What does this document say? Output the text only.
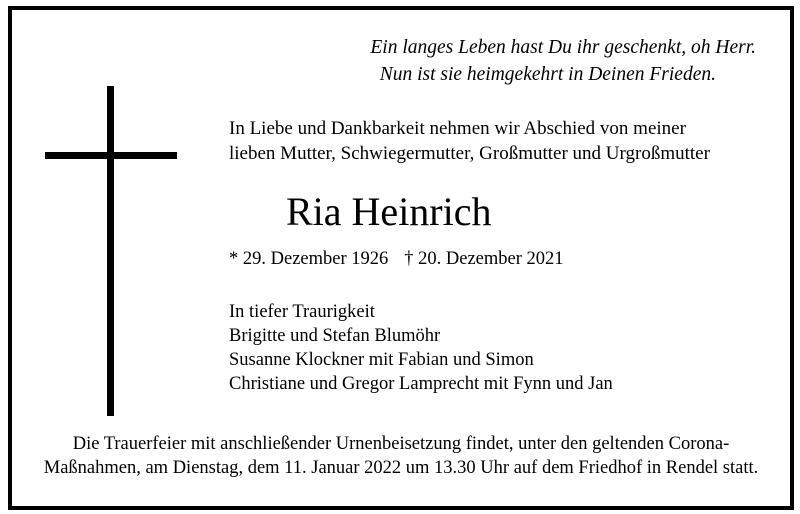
Ein langes Leben hast Du ihr geschenkt, oh Herr.
Nun ist sie heimgekehrt in Deinen Frieden.
In Liebe und Dankbarkeit nehmen wir Abschied von meiner
lieben Mutter, Schwiegermutter, Großmutter und Urgroßmutter
Ria Heinrich
* 29. Dezember 1926 † 20. Dezember 2021
In tiefer Traurigkeit
Brigitte und Stefan Blumöhr
Susanne Klockner mit Fabian und Simon
Christiane und Gregor Lamprecht mit Fynn und Jan
Die Trauerfeier mit anschließender Urnenbeisetzung findet, unter den geltenden Corona-
Maßnahmen, am Dienstag, dem 11. Januar 2022 um 13.30 Uhr auf dem Friedhof in Rendel statt.
